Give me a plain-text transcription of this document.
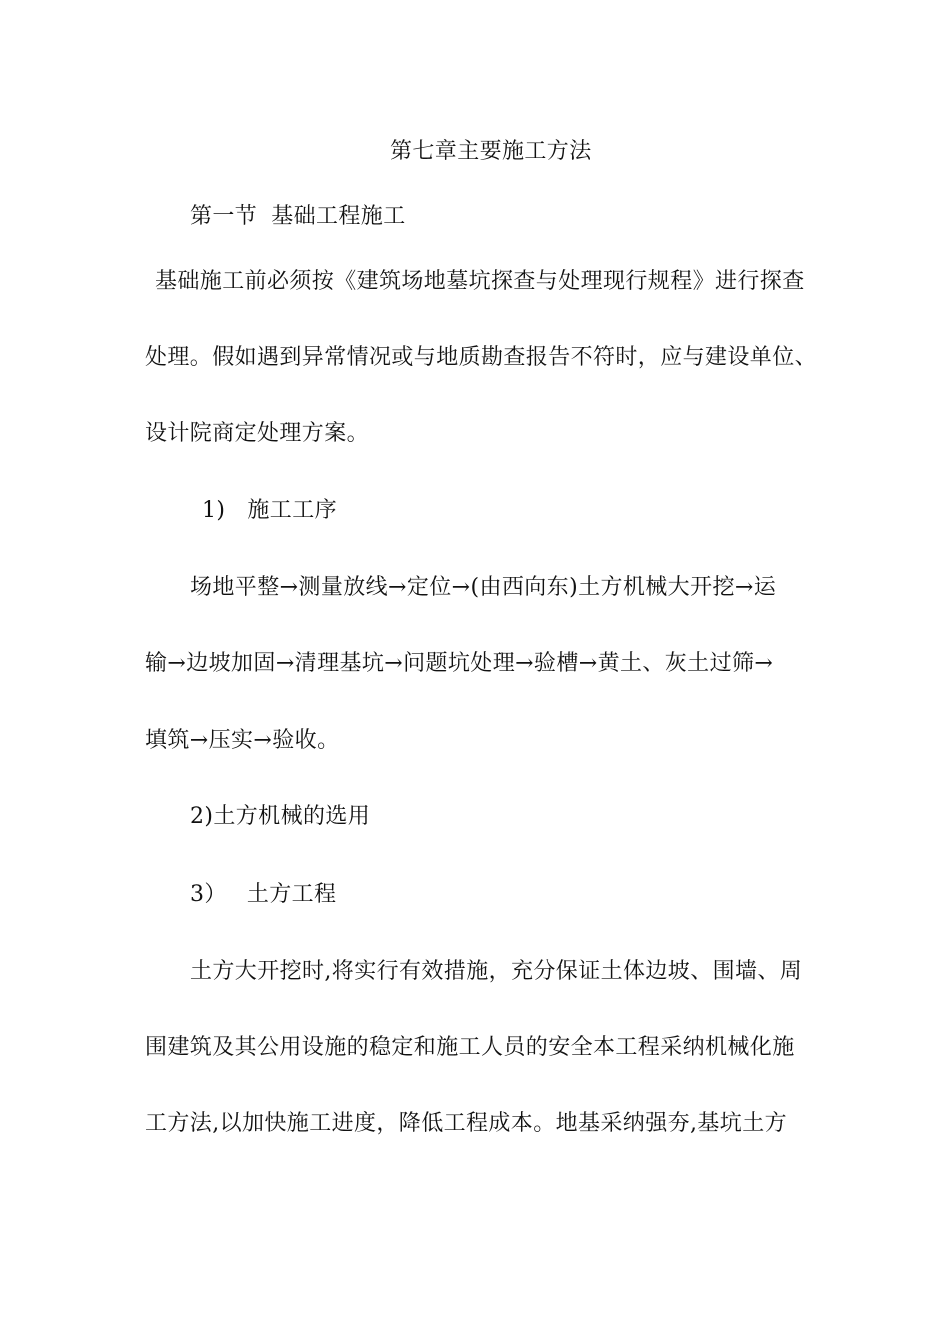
第七章主要施工方法
第一节 基础工程施工
基础施工前必须按《建筑场地墓坑探查与处理现行规程》进行探查
处理。假如遇到异常情况或与地质勘查报告不符时，应与建设单位、
设计院商定处理方案。
1) 施工工序
场地平整→测量放线→定位→(由西向东)土方机械大开挖→运
输→边坡加固→清理基坑→问题坑处理→验槽→黄土、灰土过筛→
填筑→压实→验收。
2)土方机械的选用
3） 土方工程
土方大开挖时,将实行有效措施，充分保证土体边坡、围墙、周
围建筑及其公用设施的稳定和施工人员的安全本工程采纳机械化施
工方法,以加快施工进度，降低工程成本。地基采纳强夯,基坑土方
